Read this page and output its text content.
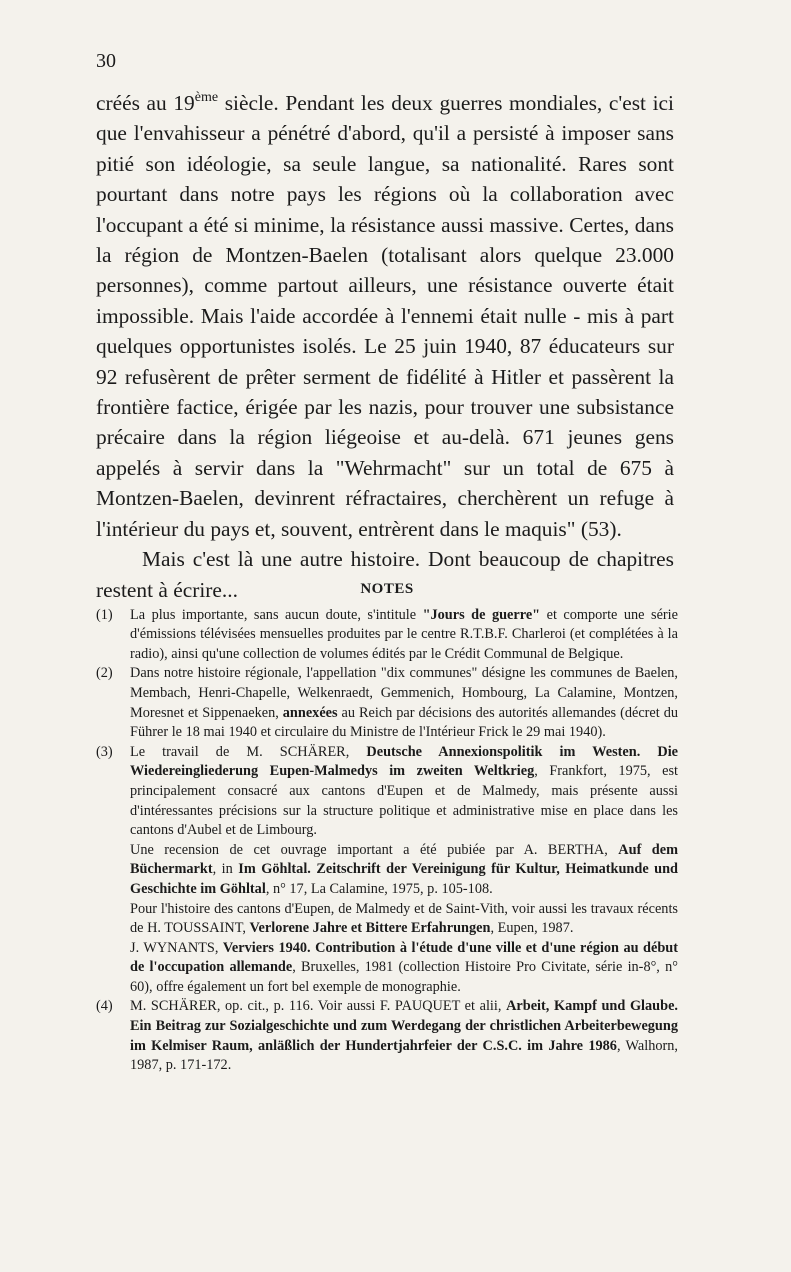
30

créés au 19ème siècle. Pendant les deux guerres mondiales, c'est ici que l'envahisseur a pénétré d'abord, qu'il a persisté à imposer sans pitié son idéologie, sa seule langue, sa nationalité. Rares sont pourtant dans notre pays les régions où la collaboration avec l'occupant a été si minime, la résistance aussi massive. Certes, dans la région de Montzen-Baelen (totalisant alors quelque 23.000 personnes), comme partout ailleurs, une résistance ouverte était impossible. Mais l'aide accordée à l'ennemi était nulle - mis à part quelques opportunistes isolés. Le 25 juin 1940, 87 éducateurs sur 92 refusèrent de prêter serment de fidélité à Hitler et passèrent la frontière factice, érigée par les nazis, pour trouver une subsistance précaire dans la région liégeoise et au-delà. 671 jeunes gens appelés à servir dans la "Wehrmacht" sur un total de 675 à Montzen-Baelen, devinrent réfractaires, cherchèrent un refuge à l'intérieur du pays et, souvent, entrèrent dans le maquis" (53).

Mais c'est là une autre histoire. Dont beaucoup de chapitres restent à écrire...	NOTES
(1)	La plus importante, sans aucun doute, s'intitule "Jours de guerre" et comporte une série d'émissions télévisées mensuelles produites par le centre R.T.B.F. Charleroi (et complétées à la radio), ainsi qu'une collection de volumes édités par le Crédit Communal de Belgique.
(2)	Dans notre histoire régionale, l'appellation "dix communes" désigne les communes de Baelen, Membach, Henri-Chapelle, Welkenraedt, Gemmenich, Hombourg, La Calamine, Montzen, Moresnet et Sippenaeken, annexées au Reich par décisions des autorités allemandes (décret du Führer le 18 mai 1940 et circulaire du Ministre de l'Intérieur Frick le 29 mai 1940).
(3)	Le travail de M. SCHÄRER, Deutsche Annexionspolitik im Westen. Die Wiedereingliederung Eupen-Malmedys im zweiten Weltkrieg, Frankfort, 1975, est principalement consacré aux cantons d'Eupen et de Malmedy, mais présente aussi d'intéressantes précisions sur la structure politique et administrative mise en place dans les cantons d'Aubel et de Limbourg.

Une recension de cet ouvrage important a été pubiée par A. BERTHA, Auf dem Büchermarkt, in Im Göhltal. Zeitschrift der Vereinigung für Kultur, Heimatkunde und Geschichte im Göhltal, n° 17, La Calamine, 1975, p. 105-108.

Pour l'histoire des cantons d'Eupen, de Malmedy et de Saint-Vith, voir aussi les travaux récents de H. TOUSSAINT, Verlorene Jahre et Bittere Erfahrungen, Eupen, 1987.

J. WYNANTS, Verviers 1940. Contribution à l'étude d'une ville et d'une région au début de l'occupation allemande, Bruxelles, 1981 (collection Histoire Pro Civitate, série in-8°, n° 60), offre également un fort bel exemple de monographie.

(4)	M. SCHÄRER, op. cit., p. 116. Voir aussi F. PAUQUET et alii, Arbeit, Kampf und Glaube. Ein Beitrag zur Sozialgeschichte und zum Werdegang der christlichen Arbeiterbewegung im Kelmiser Raum, anläßlich der Hundertjahrfeier der C.S.C. im Jahre 1986, Walhorn, 1987, p. 171-172.
